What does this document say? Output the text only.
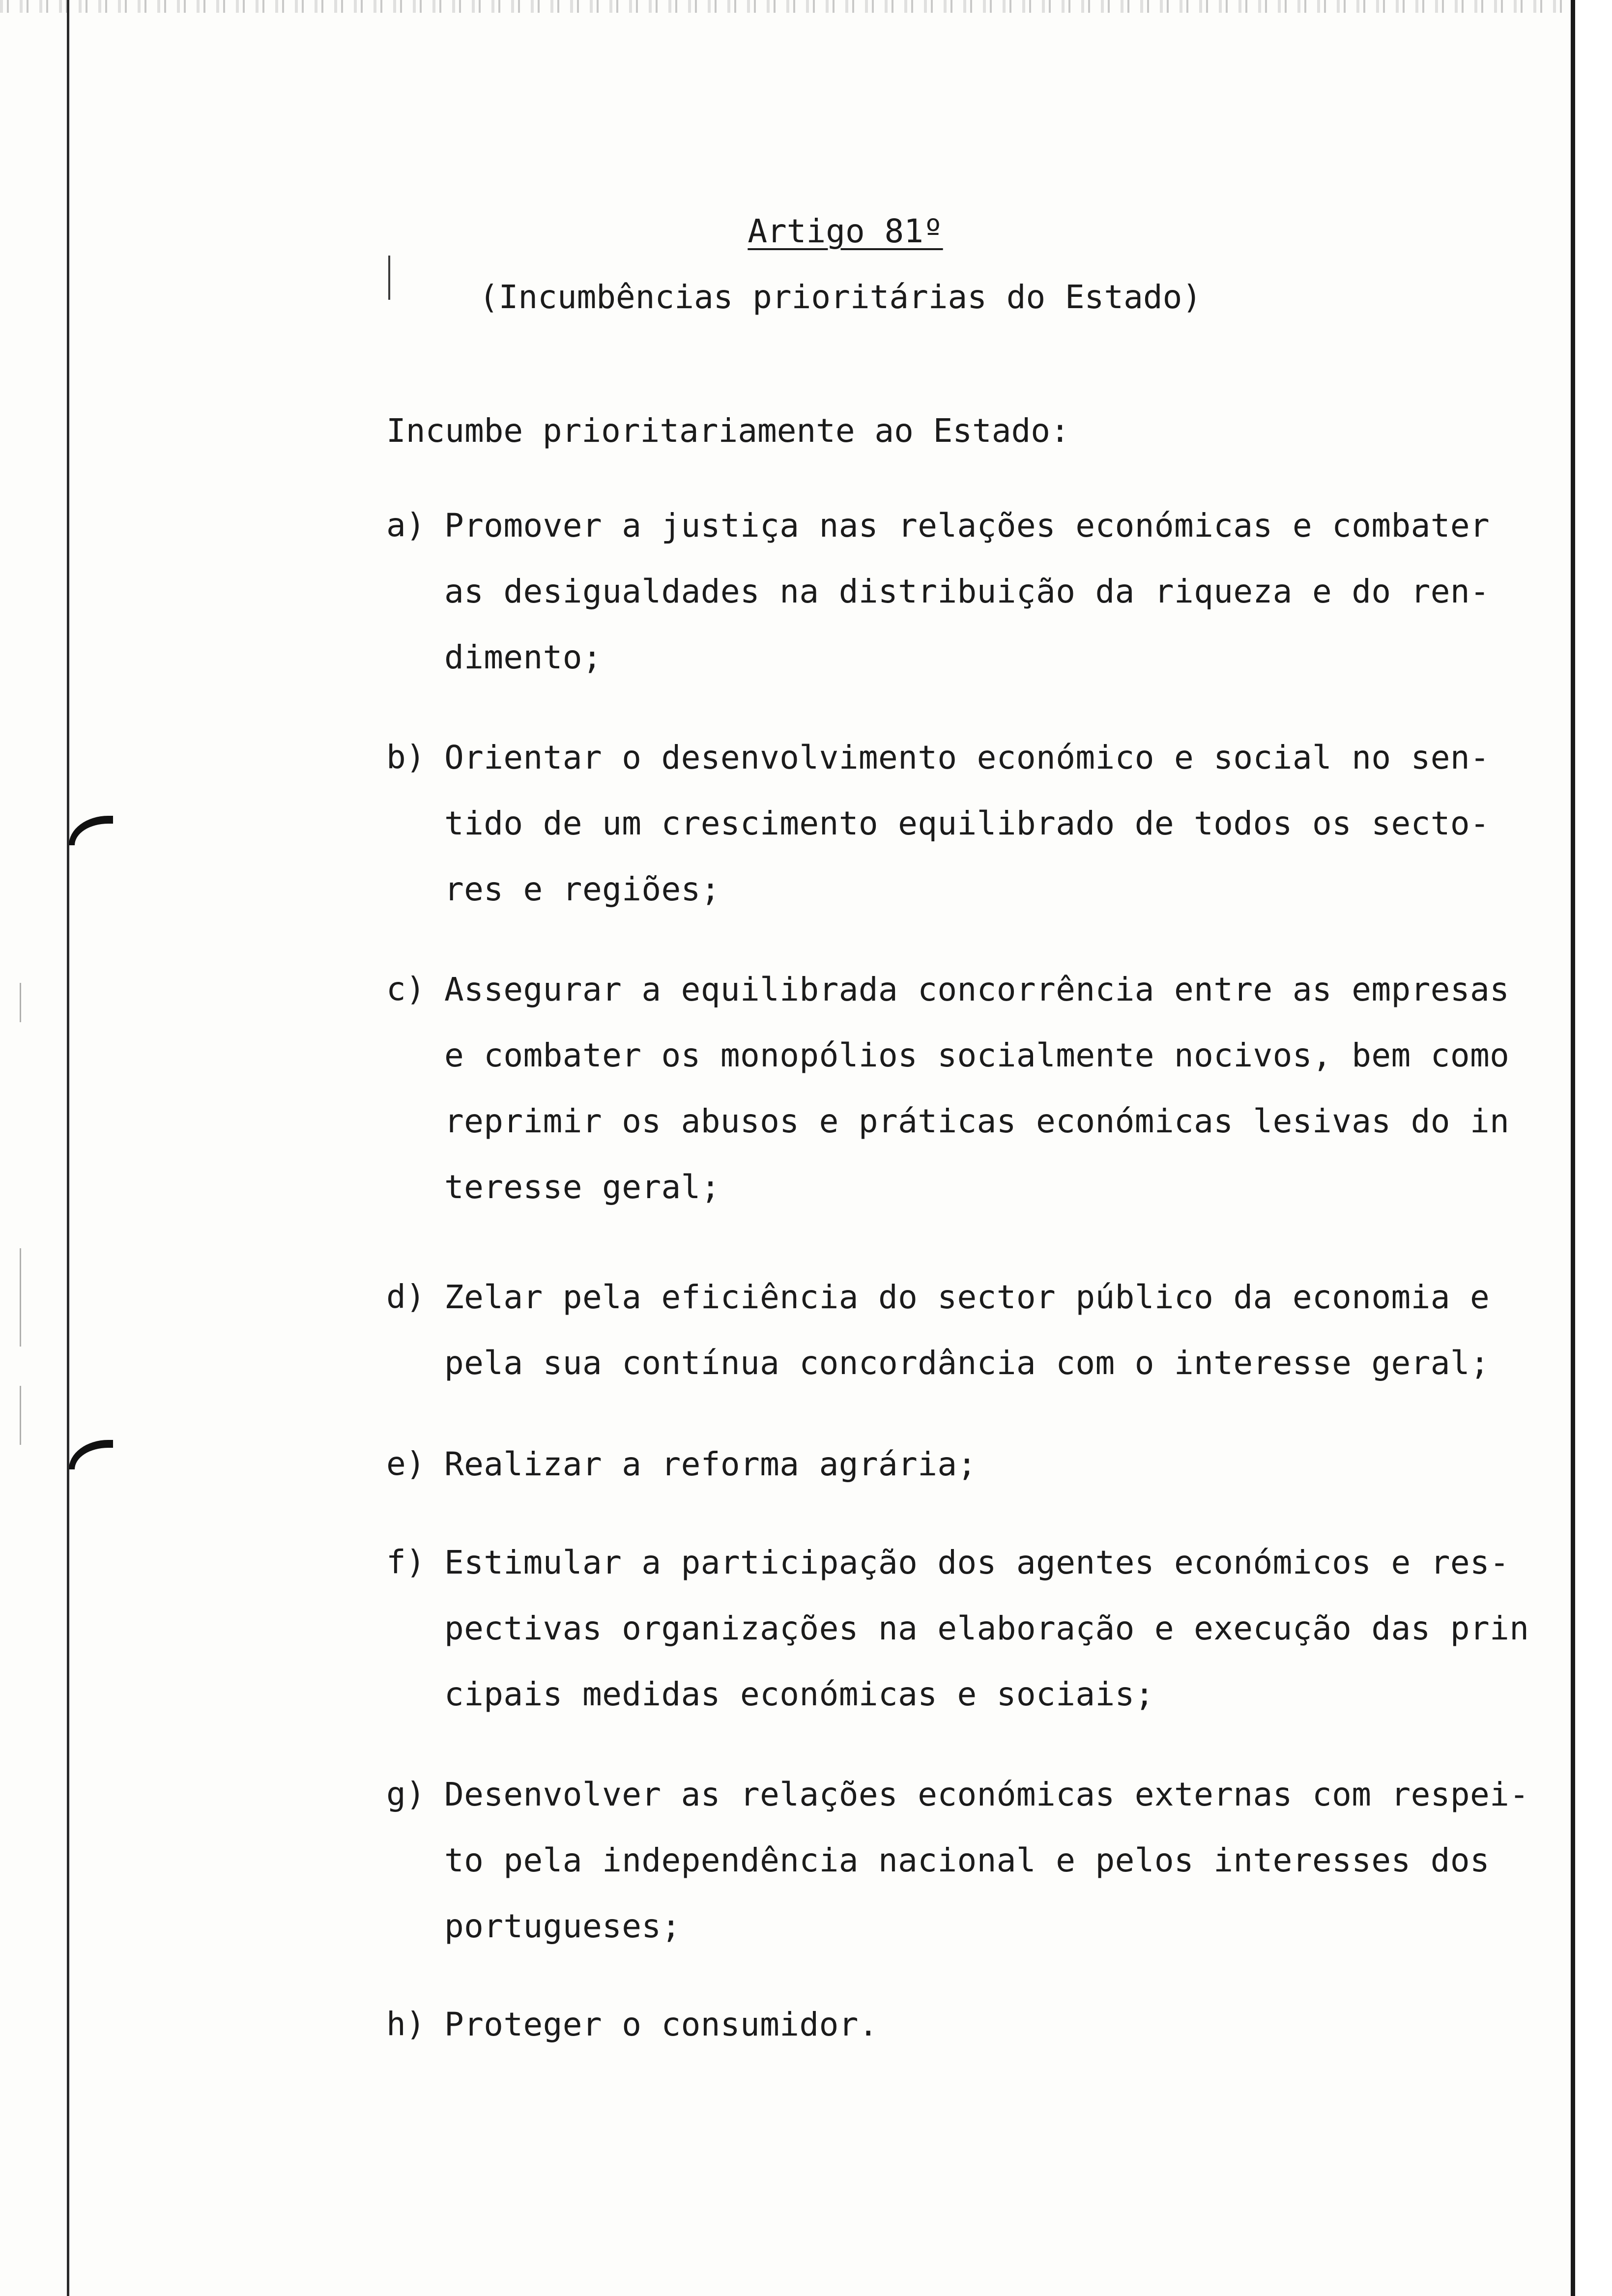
Artigo 81º
(Incumbências prioritárias do Estado)
Incumbe prioritariamente ao Estado:
a) Promover a justiça nas relações económicas e combater
as desigualdades na distribuição da riqueza e do ren-
dimento;
b) Orientar o desenvolvimento económico e social no sen-
tido de um crescimento equilibrado de todos os secto-
res e regiões;
c) Assegurar a equilibrada concorrência entre as empresas
e combater os monopólios socialmente nocivos, bem como
reprimir os abusos e práticas económicas lesivas do in
teresse geral;
d) Zelar pela eficiência do sector público da economia e
pela sua contínua concordância com o interesse geral;
e) Realizar a reforma agrária;
f) Estimular a participação dos agentes económicos e res-
pectivas organizações na elaboração e execução das prin
cipais medidas económicas e sociais;
g) Desenvolver as relações económicas externas com respei-
to pela independência nacional e pelos interesses dos
portugueses;
h) Proteger o consumidor.
